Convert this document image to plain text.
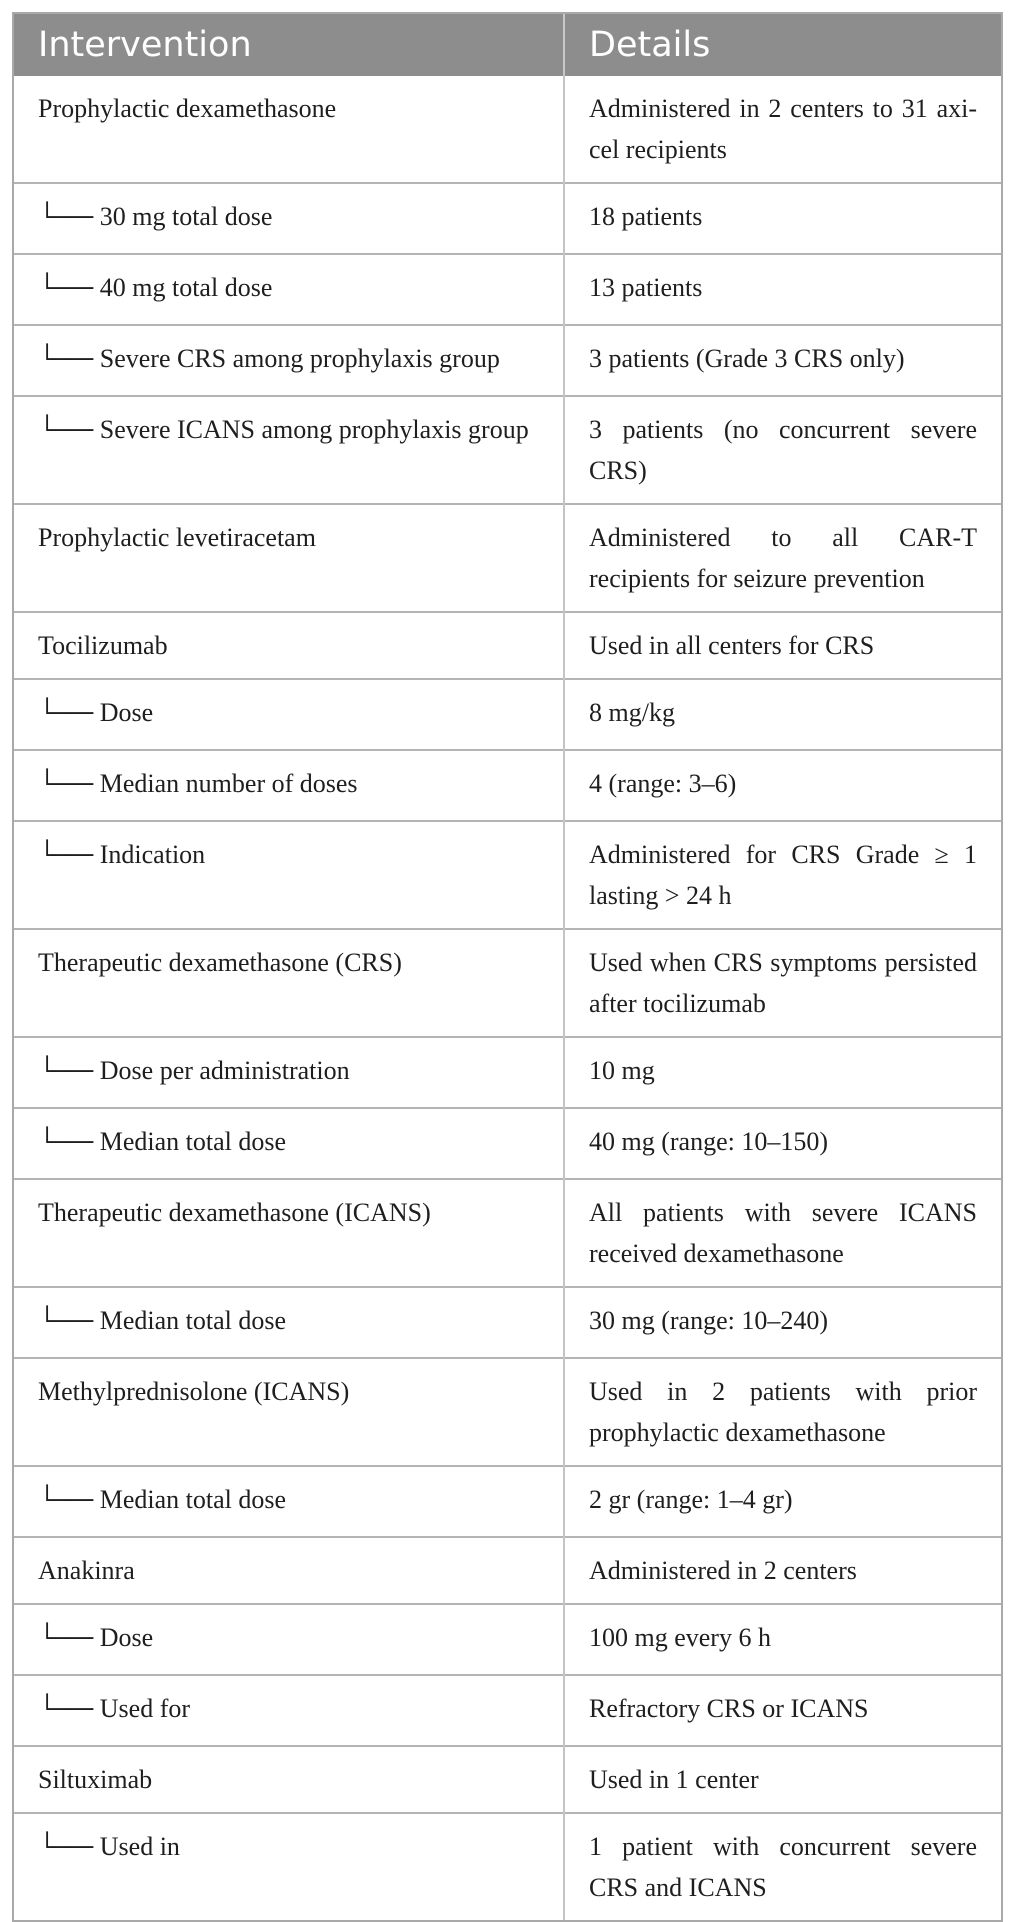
Intervention	Details
Prophylactic dexamethasone	Administered in 2 centers to 31 axi-cel recipients
└── 30 mg total dose	18 patients
└── 40 mg total dose	13 patients
└── Severe CRS among prophylaxis group	3 patients (Grade 3 CRS only)
└── Severe ICANS among prophylaxis group	3 patients (no concurrent severe CRS)
Prophylactic levetiracetam	Administered to all CAR-T recipients for seizure prevention
Tocilizumab	Used in all centers for CRS
└── Dose	8 mg/kg
└── Median number of doses	4 (range: 3–6)
└── Indication	Administered for CRS Grade ≥ 1 lasting > 24 h
Therapeutic dexamethasone (CRS)	Used when CRS symptoms persisted after tocilizumab
└── Dose per administration	10 mg
└── Median total dose	40 mg (range: 10–150)
Therapeutic dexamethasone (ICANS)	All patients with severe ICANS received dexamethasone
└── Median total dose	30 mg (range: 10–240)
Methylprednisolone (ICANS)	Used in 2 patients with prior prophylactic dexamethasone
└── Median total dose	2 gr (range: 1–4 gr)
Anakinra	Administered in 2 centers
└── Dose	100 mg every 6 h
└── Used for	Refractory CRS or ICANS
Siltuximab	Used in 1 center
└── Used in	1 patient with concurrent severe CRS and ICANS
